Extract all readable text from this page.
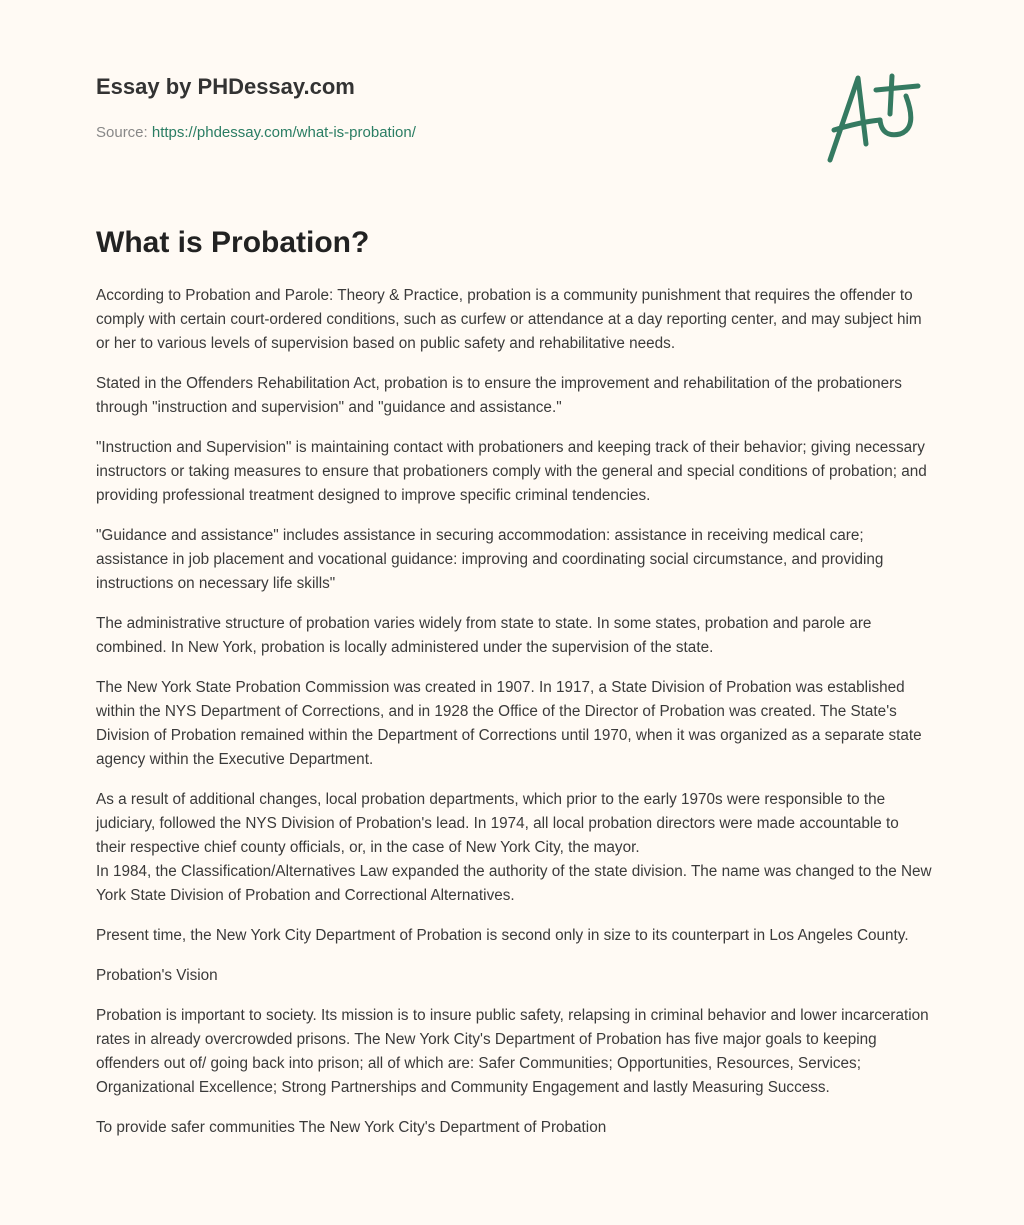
Essay by PHDessay.com
Source: https://phdessay.com/what-is-probation/
What is Probation?

According to Probation and Parole: Theory & Practice, probation is a community punishment that requires the offender to comply with certain court-ordered conditions, such as curfew or attendance at a day reporting center, and may subject him or her to various levels of supervision based on public safety and rehabilitative needs.

Stated in the Offenders Rehabilitation Act, probation is to ensure the improvement and rehabilitation of the probationers through "instruction and supervision" and "guidance and assistance."

"Instruction and Supervision" is maintaining contact with probationers and keeping track of their behavior; giving necessary instructors or taking measures to ensure that probationers comply with the general and special conditions of probation; and providing professional treatment designed to improve specific criminal tendencies.

"Guidance and assistance" includes assistance in securing accommodation: assistance in receiving medical care; assistance in job placement and vocational guidance: improving and coordinating social circumstance, and providing instructions on necessary life skills"

The administrative structure of probation varies widely from state to state. In some states, probation and parole are combined. In New York, probation is locally administered under the supervision of the state.

The New York State Probation Commission was created in 1907. In 1917, a State Division of Probation was established within the NYS Department of Corrections, and in 1928 the Office of the Director of Probation was created. The State's Division of Probation remained within the Department of Corrections until 1970, when it was organized as a separate state agency within the Executive Department.

As a result of additional changes, local probation departments, which prior to the early 1970s were responsible to the judiciary, followed the NYS Division of Probation's lead. In 1974, all local probation directors were made accountable to their respective chief county officials, or, in the case of New York City, the mayor.
In 1984, the Classification/Alternatives Law expanded the authority of the state division. The name was changed to the New York State Division of Probation and Correctional Alternatives.

Present time, the New York City Department of Probation is second only in size to its counterpart in Los Angeles County.

Probation's Vision

Probation is important to society. Its mission is to insure public safety, relapsing in criminal behavior and lower incarceration rates in already overcrowded prisons. The New York City's Department of Probation has five major goals to keeping offenders out of/ going back into prison; all of which are: Safer Communities; Opportunities, Resources, Services; Organizational Excellence; Strong Partnerships and Community Engagement and lastly Measuring Success.

To provide safer communities The New York City's Department of Probation
